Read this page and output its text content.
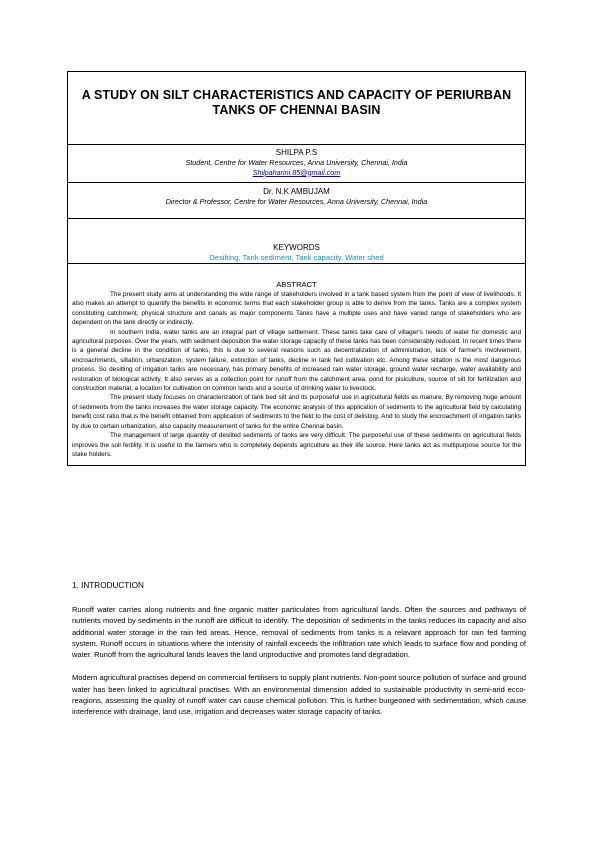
A STUDY ON SILT CHARACTERISTICS AND CAPACITY OF PERIURBAN TANKS OF CHENNAI BASIN
SHILPA P.S
Student, Centre for Water Resources, Anna University, Chennai, India
Shilpaharini.85@gmail.com
Dr. N.K AMBUJAM
Director & Professor, Centre for Water Resources, Anna University, Chennai, India
KEYWORDS
Desilting, Tank sediment, Tank capacity, Water shed
ABSTRACT

The present study aims at understanding the wide range of stakeholders involved in a tank based system from the point of view of livelihoods. It also makes an attempt to quantify the benefits in economic terms that each stakeholder group is able to derive from the tanks. Tanks are a complex system constituting catchment, physical structure and canals as major components Tanks have a multiple uses and have varied range of stakeholders who are dependent on the tank directly or indirectly.

In southern India, water tanks are an integral part of village settlement. These tanks take care of villager's needs of water for domestic and agricultural purposes. Over the years, with sediment deposition the water storage capacity of these tanks has been considerably reduced. In recent times there is a general decline in the condition of tanks, this is due to several reasons such as decentralization of administration, lack of farmer's involvement, encroachments, siltation, urbanization, system failure, extinction of tanks, decline in tank fed cultivation etc. Among these siltation is the most dangerous process. So desilting of irrigation tanks are necessary, has primary benefits of increased rain water storage, ground water recharge, water availability and restoration of biological activity. It also serves as a collection point for runoff from the catchment area, pond for pisiculture, source of silt for fertilization and construction material, a location for cultivation on common lands and a source of drinking water to livestock.

The present study focuses on characterization of tank bed silt and its purposeful use in agricultural fields as manure. By removing huge amount of sediments from the tanks increases the water storage capacity. The economic analysis of this application of sediments to the agricultural field by calculating benefit cost ratio that is the benefit obtained from application of sediments to the field to the cost of delisting. And to study the encroachment of irrigation tanks by due to certain urbanization, also capacity measurement of tanks for the entire Chennai basin.

The management of large quantity of desilted sediments of tanks are very difficult. The purposeful use of these sediments on agricultural fields improves the soil fertility. It is useful to the farmers who is completely depends agriculture as their life source. Here tanks act as multipurpose source for the stake holders.

1. INTRODUCTION

Runoff water carries along nutrients and fine organic matter particulates from agricultural lands. Often the sources and pathways of nutrients moved by sediments in the runoff are difficult to identify. The deposition of sediments in the tanks reduces its capacity and also additional water storage in the rain fed areas. Hence, removal of sediments from tanks is a relavant approach for rain fed farming system. Runoff occurs in situations where the intensity of rainfall exceeds the infiltration rate which leads to surface flow and ponding of water. Runoff from the agricultural lands leaves the land unproductive and promotes land degradation.

Modern agricultural practises depend on commercial fertilisers to supply plant nutrients. Non-point source pollution of surface and ground water has been linked to agricultural practises. With an environmental dimension added to sustainable productivity in semi-arid ecco-reagions, assessing the quality of runoff water can cause chemical pollution. This is further burgeoned with sedimentation, which cause interference with drainage, land use, irrigation and decreases water storage capacity of tanks.
